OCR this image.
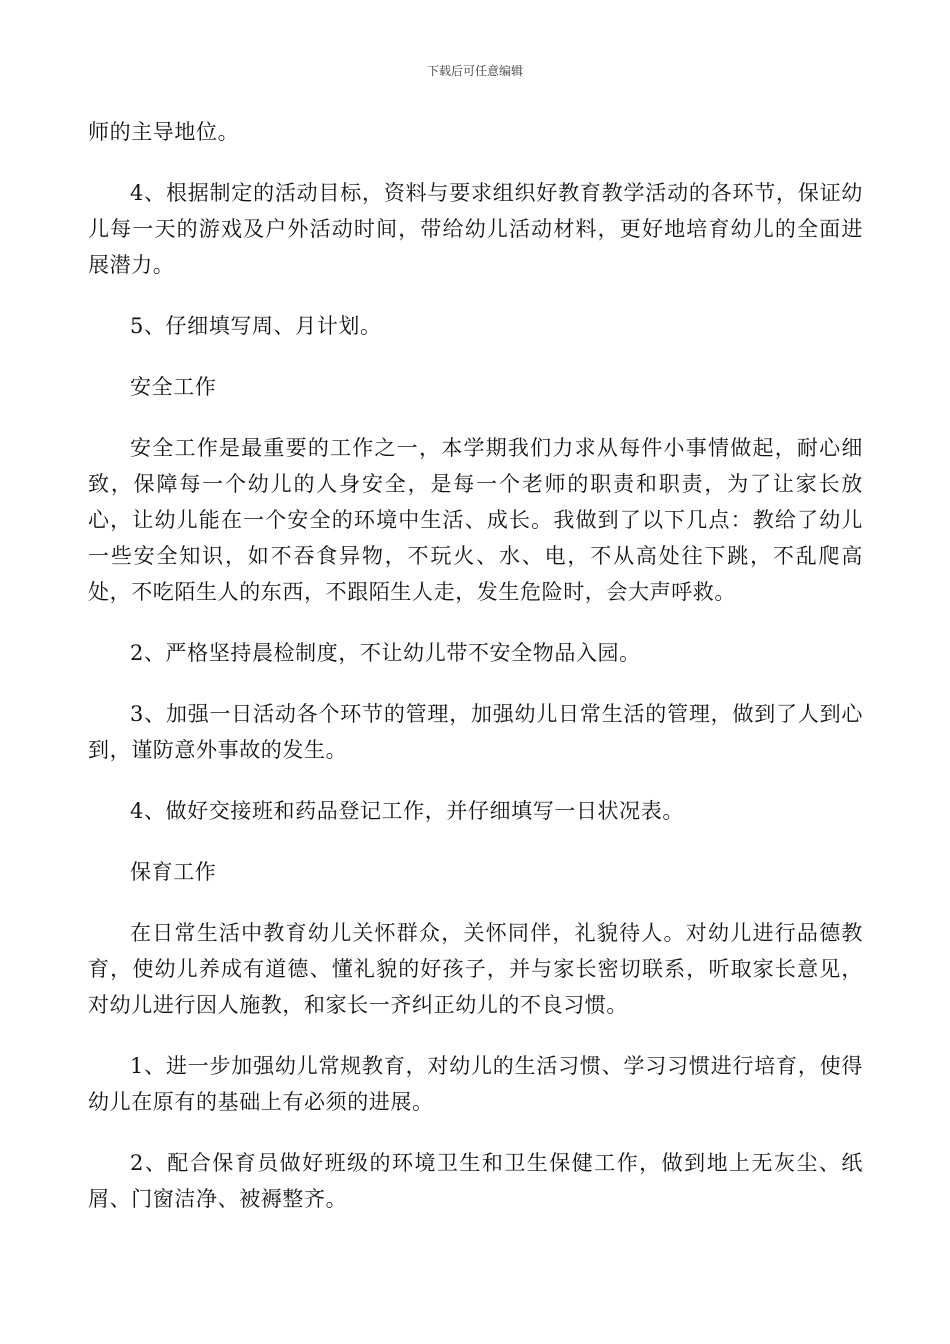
下载后可任意编辑

师的主导地位。

4、根据制定的活动目标，资料与要求组织好教育教学活动的各环节，保证幼儿每一天的游戏及户外活动时间，带给幼儿活动材料，更好地培育幼儿的全面进展潜力。

5、仔细填写周、月计划。

安全工作

安全工作是最重要的工作之一，本学期我们力求从每件小事情做起，耐心细致，保障每一个幼儿的人身安全，是每一个老师的职责和职责，为了让家长放心，让幼儿能在一个安全的环境中生活、成长。我做到了以下几点：教给了幼儿一些安全知识，如不吞食异物，不玩火、水、电，不从高处往下跳，不乱爬高处，不吃陌生人的东西，不跟陌生人走，发生危险时，会大声呼救。

2、严格坚持晨检制度，不让幼儿带不安全物品入园。

3、加强一日活动各个环节的管理，加强幼儿日常生活的管理，做到了人到心到，谨防意外事故的发生。

4、做好交接班和药品登记工作，并仔细填写一日状况表。

保育工作

在日常生活中教育幼儿关怀群众，关怀同伴，礼貌待人。对幼儿进行品德教育，使幼儿养成有道德、懂礼貌的好孩子，并与家长密切联系，听取家长意见，对幼儿进行因人施教，和家长一齐纠正幼儿的不良习惯。

1、进一步加强幼儿常规教育，对幼儿的生活习惯、学习习惯进行培育，使得幼儿在原有的基础上有必须的进展。

2、配合保育员做好班级的环境卫生和卫生保健工作，做到地上无灰尘、纸屑、门窗洁净、被褥整齐。
